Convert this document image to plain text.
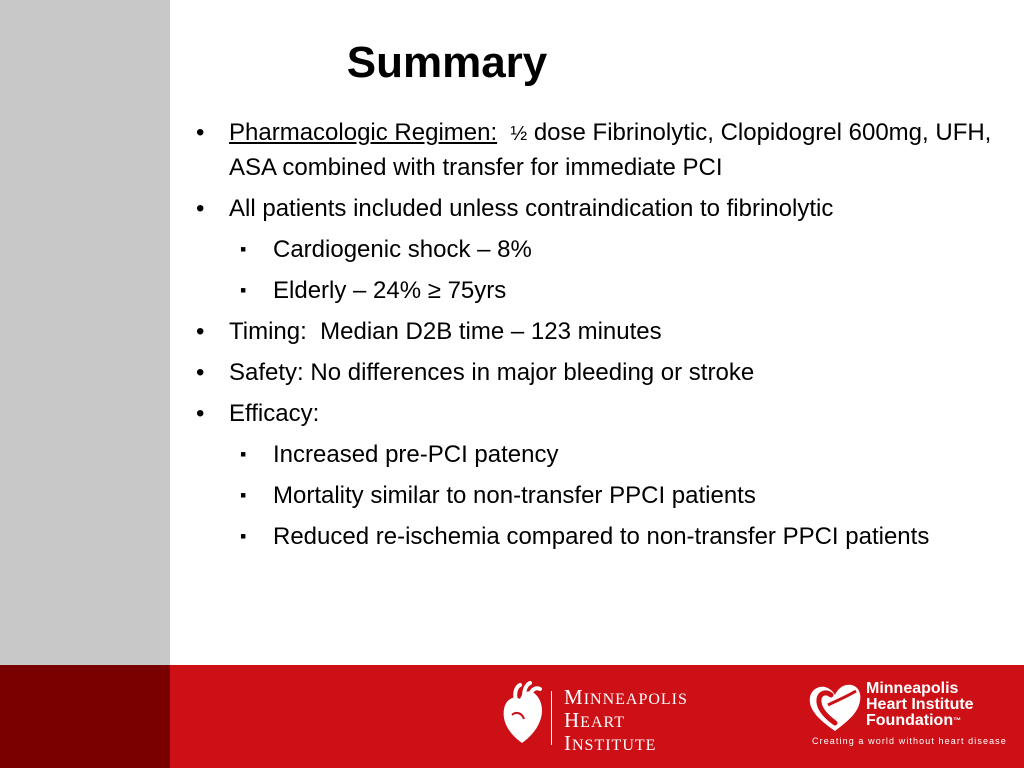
Summary
• Pharmacologic Regimen: ½ dose Fibrinolytic, Clopidogrel 600mg, UFH, ASA combined with transfer for immediate PCI
• All patients included unless contraindication to fibrinolytic
▪ Cardiogenic shock – 8%
▪ Elderly – 24% ≥ 75yrs
• Timing:  Median D2B time – 123 minutes
• Safety: No differences in major bleeding or stroke
• Efficacy:
▪ Increased pre-PCI patency
▪ Mortality similar to non-transfer PPCI patients
▪ Reduced re-ischemia compared to non-transfer PPCI patients
MINNEAPOLIS
HEART
INSTITUTE
Minneapolis
Heart Institute
Foundation™
Creating a world without heart disease
